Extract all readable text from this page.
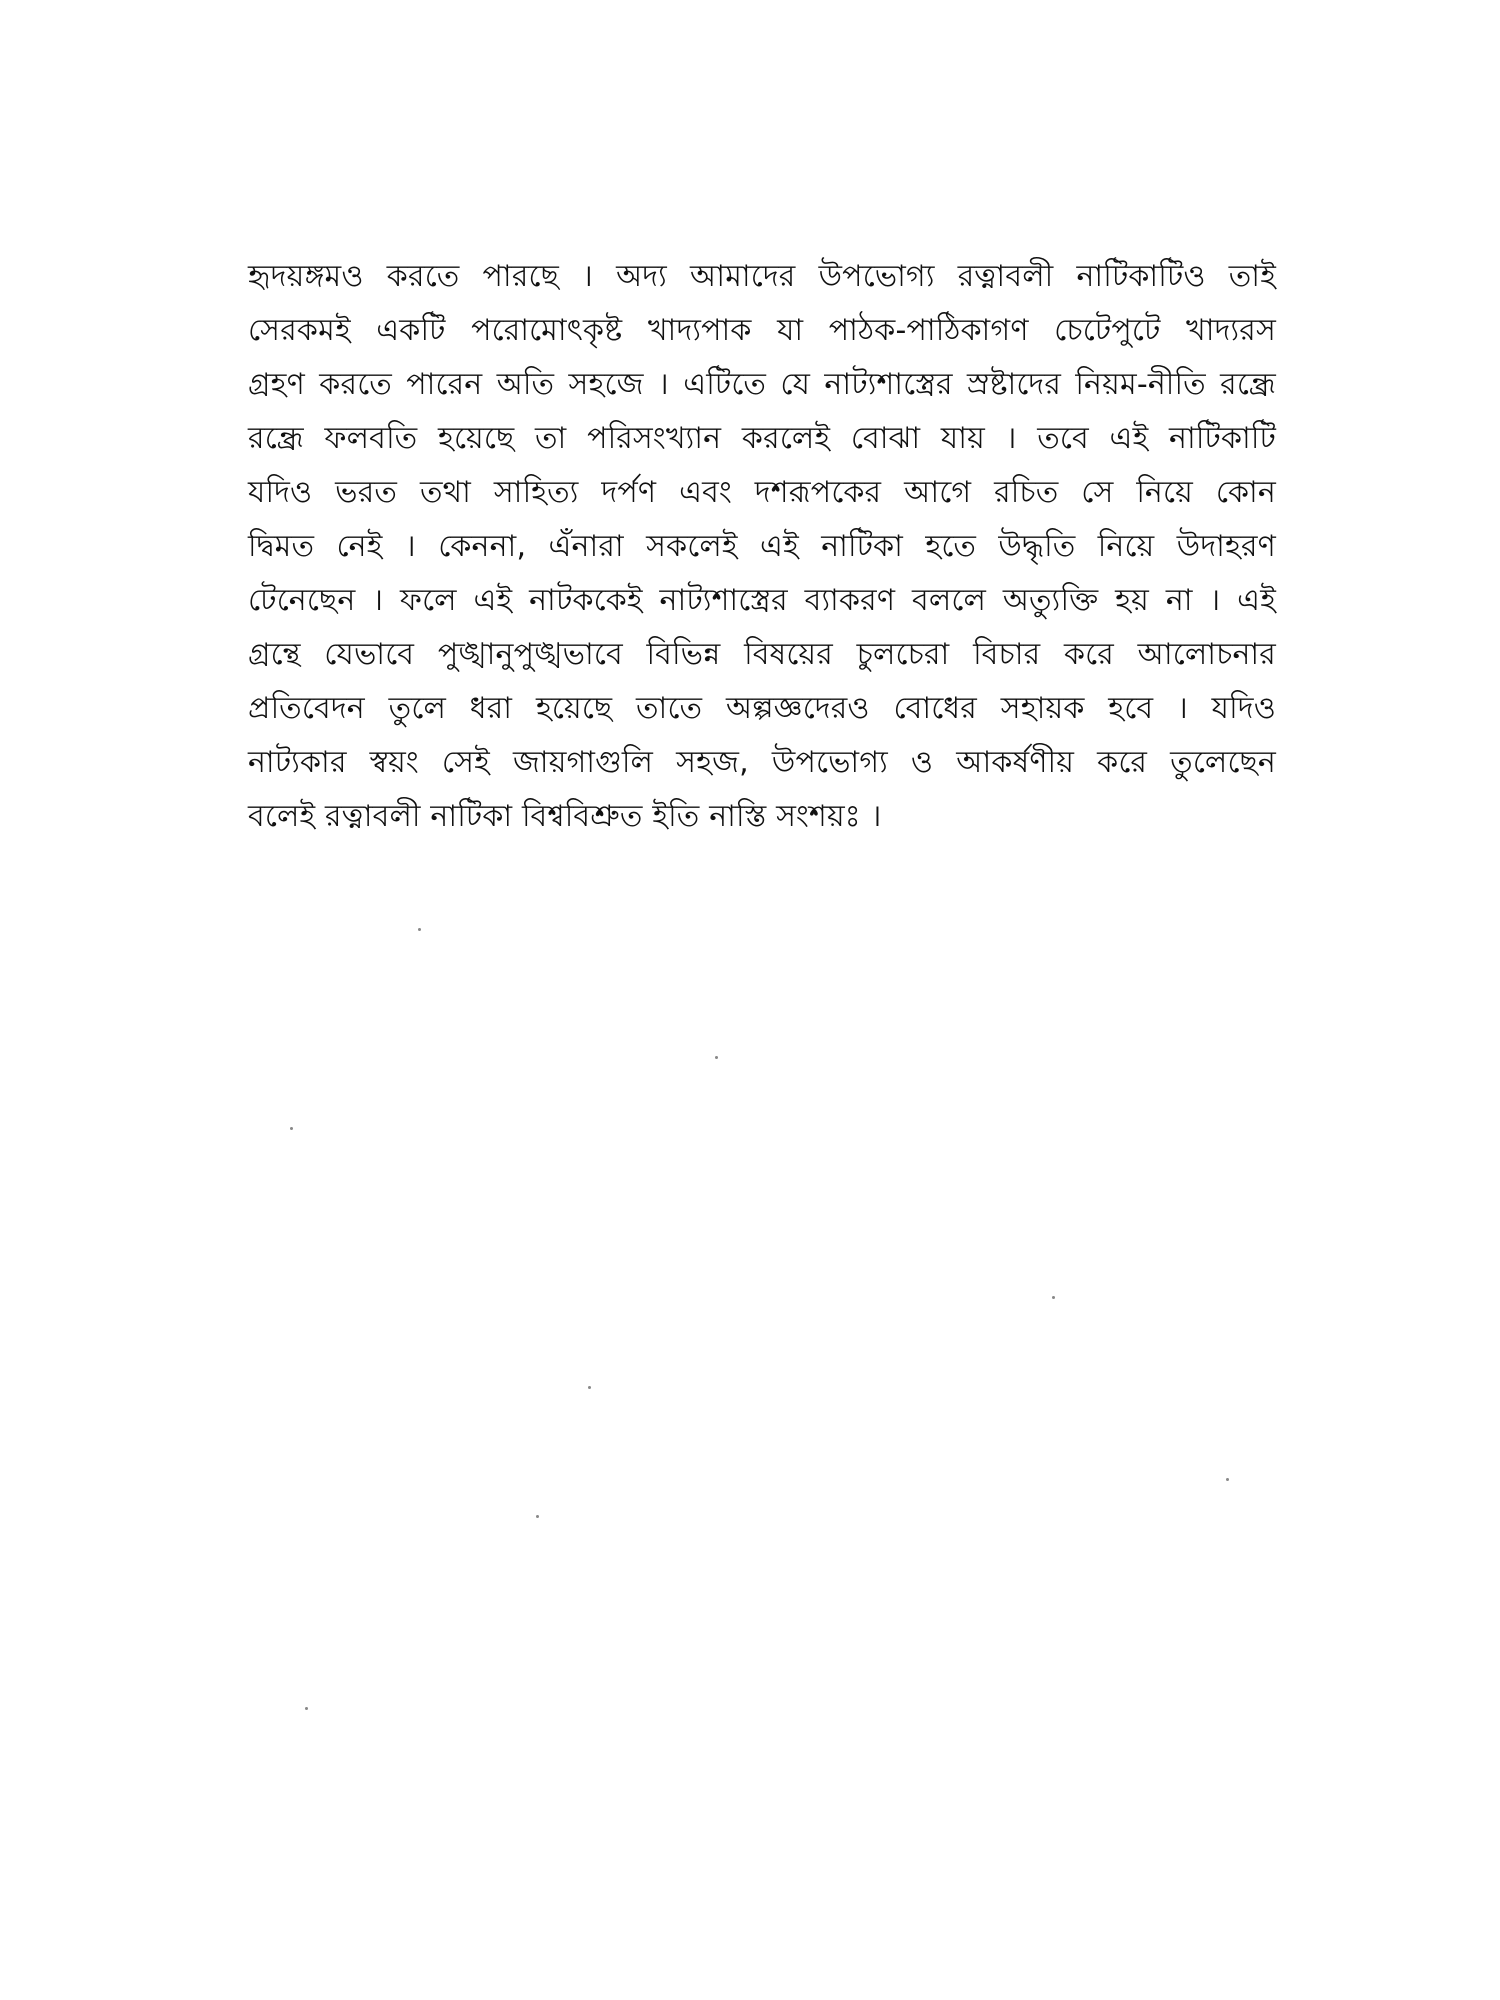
হৃদয়ঙ্গমও করতে পারছে । অদ্য আমাদের উপভোগ্য রত্নাবলী নাটিকাটিও তাই
সেরকমই একটি পরোমোৎকৃষ্ট খাদ্যপাক যা পাঠক-পাঠিকাগণ চেটেপুটে খাদ্যরস
গ্রহণ করতে পারেন অতি সহজে । এটিতে যে নাট্যশাস্ত্রের স্রষ্টাদের নিয়ম-নীতি রন্ধ্রে
রন্ধ্রে ফলবতি হয়েছে তা পরিসংখ্যান করলেই বোঝা যায় । তবে এই নাটিকাটি
যদিও ভরত তথা সাহিত্য দর্পণ এবং দশরূপকের আগে রচিত সে নিয়ে কোন
দ্বিমত নেই । কেননা, এঁনারা সকলেই এই নাটিকা হতে উদ্ধৃতি নিয়ে উদাহরণ
টেনেছেন । ফলে এই নাটককেই নাট্যশাস্ত্রের ব্যাকরণ বললে অত্যুক্তি হয় না । এই
গ্রন্থে যেভাবে পুঙ্খানুপুঙ্খভাবে বিভিন্ন বিষয়ের চুলচেরা বিচার করে আলোচনার
প্রতিবেদন তুলে ধরা হয়েছে তাতে অল্পজ্ঞদেরও বোধের সহায়ক হবে । যদিও
নাট্যকার স্বয়ং সেই জায়গাগুলি সহজ, উপভোগ্য ও আকর্ষণীয় করে তুলেছেন
বলেই রত্নাবলী নাটিকা বিশ্ববিশ্রুত ইতি নাস্তি সংশয়ঃ ।
